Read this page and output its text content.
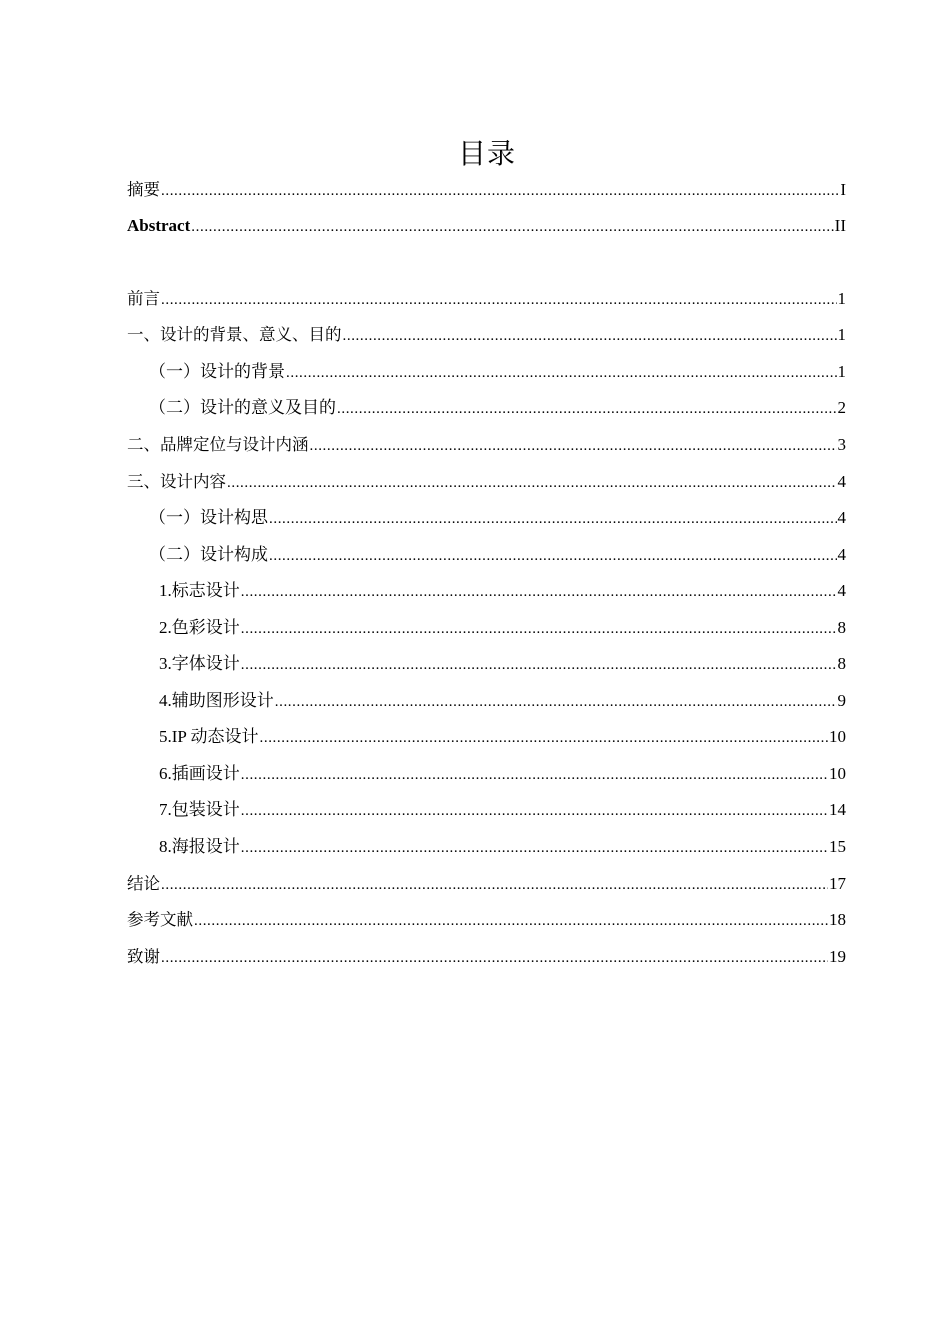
目录
摘要 .....	I
Abstract .....	II
前言 .....	1
一、设计的背景、意义、目的 .....	1
（一）设计的背景 .....	1
（二）设计的意义及目的 .....	2
二、品牌定位与设计内涵 .....	3
三、设计内容 .....	4
（一）设计构思 .....	4
（二）设计构成 .....	4
1.标志设计 .....	4
2.色彩设计 .....	8
3.字体设计 .....	8
4.辅助图形设计 .....	9
5.IP 动态设计 .....	10
6.插画设计 .....	10
7.包装设计 .....	14
8.海报设计 .....	15
结论 .....	17
参考文献 .....	18
致谢 .....	19
